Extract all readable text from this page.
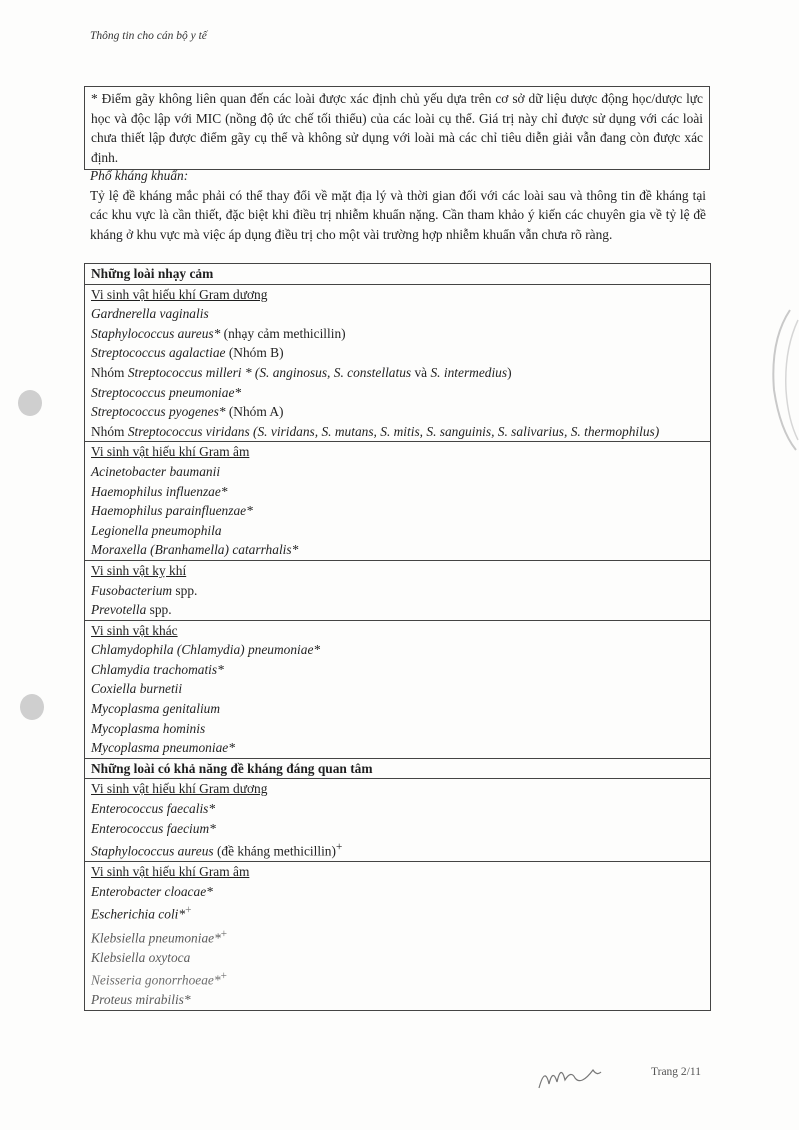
Thông tin cho cán bộ y tế
* Điểm gãy không liên quan đến các loài được xác định chủ yếu dựa trên cơ sở dữ liệu dược động học/dược lực học và độc lập với MIC (nồng độ ức chế tối thiểu) của các loài cụ thể. Giá trị này chỉ được sử dụng với các loài chưa thiết lập được điểm gãy cụ thể và không sử dụng với loài mà các chỉ tiêu diễn giải vẫn đang còn được xác định.
Phổ kháng khuẩn:
Tỷ lệ đề kháng mắc phải có thể thay đổi về mặt địa lý và thời gian đối với các loài sau và thông tin đề kháng tại các khu vực là cần thiết, đặc biệt khi điều trị nhiễm khuẩn nặng. Cần tham khảo ý kiến các chuyên gia về tỷ lệ đề kháng ở khu vực mà việc áp dụng điều trị cho một vài trường hợp nhiễm khuẩn vẫn chưa rõ ràng.
Những loài nhạy cảm
Vi sinh vật hiếu khí Gram dương
Gardnerella vaginalis
Staphylococcus aureus* (nhạy cảm methicillin)
Streptococcus agalactiae (Nhóm B)
Nhóm Streptococcus milleri * (S. anginosus, S. constellatus và S. intermedius)
Streptococcus pneumoniae*
Streptococcus pyogenes* (Nhóm A)
Nhóm Streptococcus viridans (S. viridans, S. mutans, S. mitis, S. sanguinis, S. salivarius, S. thermophilus)
Vi sinh vật hiếu khí Gram âm
Acinetobacter baumanii
Haemophilus influenzae*
Haemophilus parainfluenzae*
Legionella pneumophila
Moraxella (Branhamella) catarrhalis*
Vi sinh vật kỵ khí
Fusobacterium spp.
Prevotella spp.
Vi sinh vật khác
Chlamydophila (Chlamydia) pneumoniae*
Chlamydia trachomatis*
Coxiella burnetii
Mycoplasma genitalium
Mycoplasma hominis
Mycoplasma pneumoniae*
Những loài có khả năng đề kháng đáng quan tâm
Vi sinh vật hiếu khí Gram dương
Enterococcus faecalis*
Enterococcus faecium*
Staphylococcus aureus (đề kháng methicillin)+
Vi sinh vật hiếu khí Gram âm
Enterobacter cloacae*
Escherichia coli*+
Klebsiella pneumoniae*+
Klebsiella oxytoca
Neisseria gonorrhoeae*+
Proteus mirabilis*
Trang 2/11
